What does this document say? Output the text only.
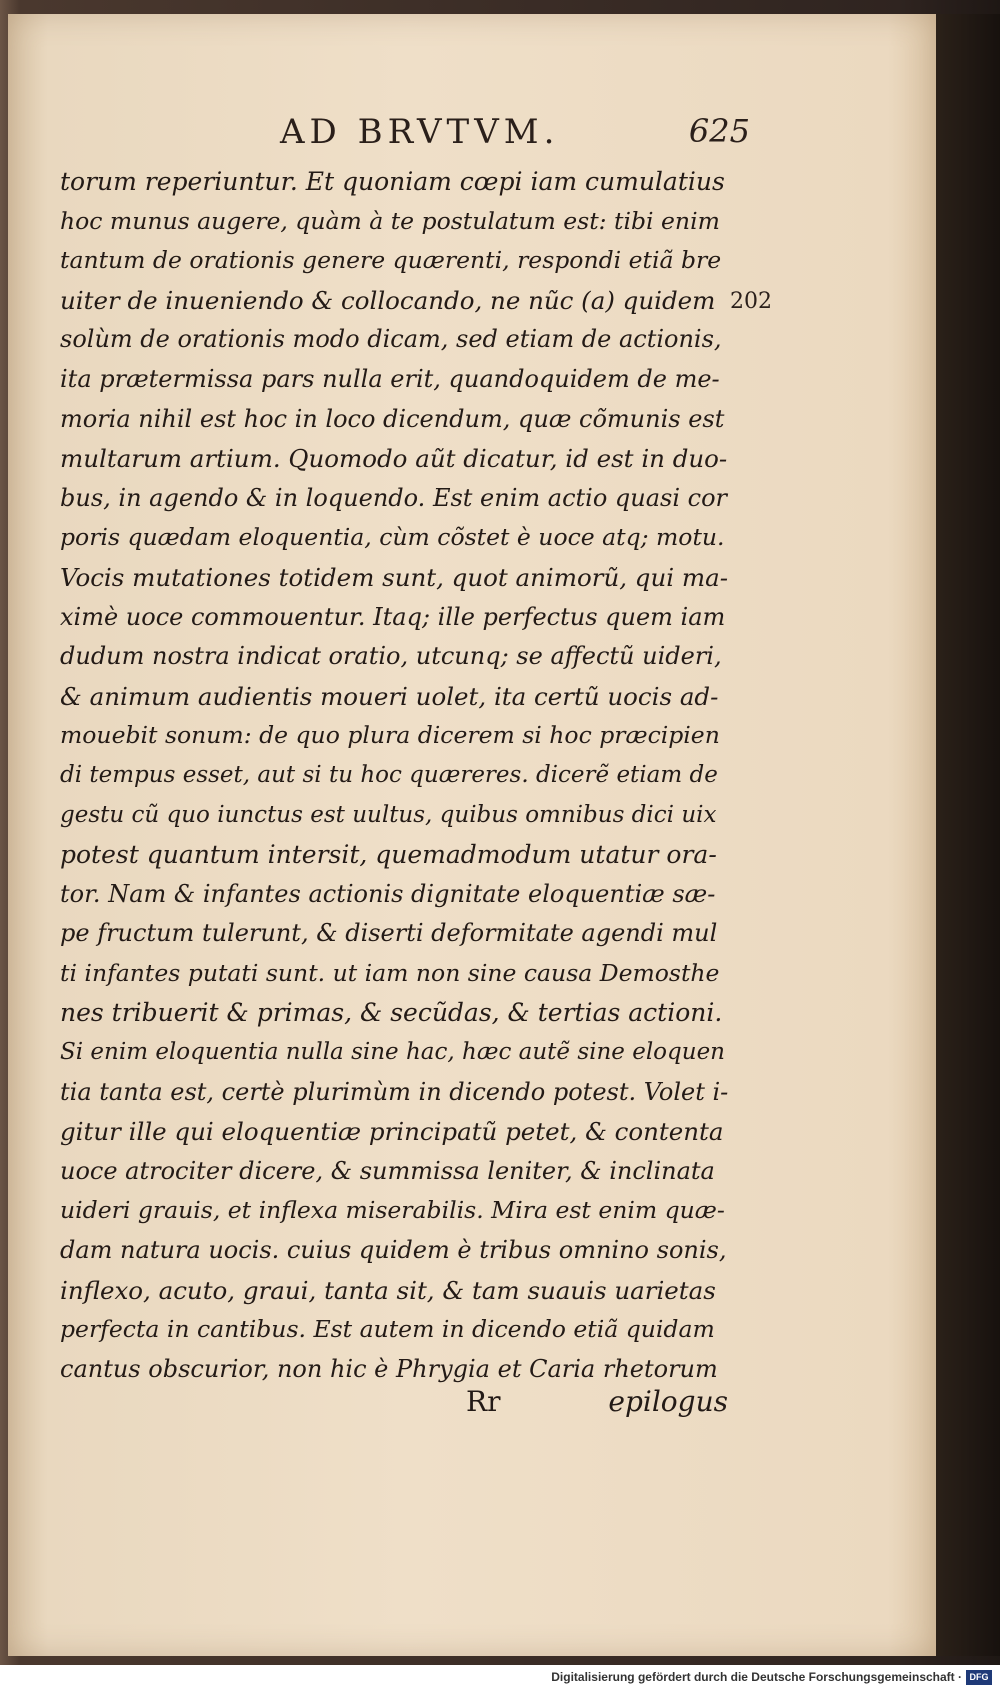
AD BRVTVM.	625
202
torum reperiuntur. Et quoniam cœpi iam cumulatius
hoc munus augere, quàm à te postulatum est: tibi enim
tantum de orationis genere quærenti, respondi etiã bre
uiter de inueniendo & collocando, ne nũc (a) quidem
solùm de orationis modo dicam, sed etiam de actionis,
ita prætermissa pars nulla erit, quandoquidem de me-
moria nihil est hoc in loco dicendum, quæ cõmunis est
multarum artium. Quomodo aũt dicatur, id est in duo-
bus, in agendo & in loquendo. Est enim actio quasi cor
poris quædam eloquentia, cùm cõstet è uoce atq; motu.
Vocis mutationes totidem sunt, quot animorũ, qui ma-
ximè uoce commouentur. Itaq; ille perfectus quem iam
dudum nostra indicat oratio, utcunq; se affectũ uideri,
& animum audientis moueri uolet, ita certũ uocis ad-
mouebit sonum: de quo plura dicerem si hoc præcipien
di tempus esset, aut si tu hoc quæreres. dicerẽ etiam de
gestu cũ quo iunctus est uultus, quibus omnibus dici uix
potest quantum intersit, quemadmodum utatur ora-
tor. Nam & infantes actionis dignitate eloquentiæ sæ-
pe fructum tulerunt, & diserti deformitate agendi mul
ti infantes putati sunt. ut iam non sine causa Demosthe
nes tribuerit & primas, & secũdas, & tertias actioni.
Si enim eloquentia nulla sine hac, hæc autẽ sine eloquen
tia tanta est, certè plurimùm in dicendo potest. Volet i-
gitur ille qui eloquentiæ principatũ petet, & contenta
uoce atrociter dicere, & summissa leniter, & inclinata
uideri grauis, et inflexa miserabilis. Mira est enim quæ-
dam natura uocis. cuius quidem è tribus omnino sonis,
inflexo, acuto, graui, tanta sit, & tam suauis uarietas
perfecta in cantibus. Est autem in dicendo etiã quidam
cantus obscurior, non hic è Phrygia et Caria rhetorum
Rr	epilogus
Digitalisierung gefördert durch die Deutsche Forschungsgemeinschaft · DFG
